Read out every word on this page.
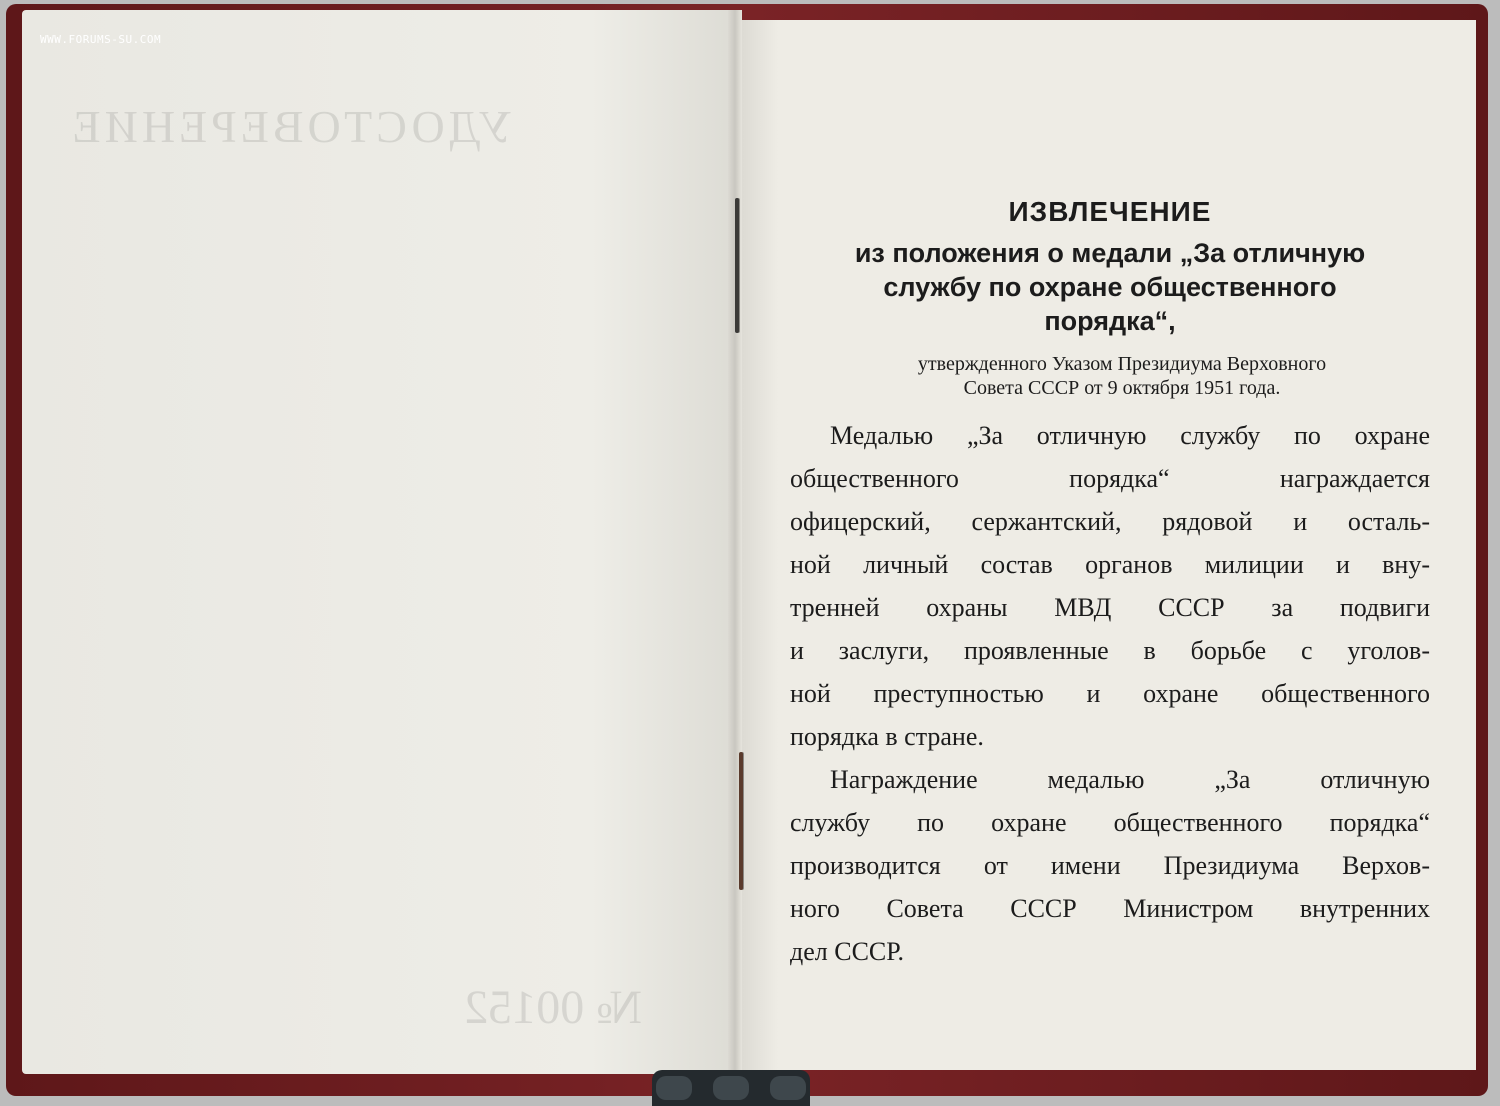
УДОСТОВЕРЕНИЕ
№ 00152
WWW.FORUMS-SU.COM
ИЗВЛЕЧЕНИЕ
из положения о медали „За отличную
службу по охране общественного
порядка“,
утвержденного Указом Президиума Верховного
Совета СССР от 9 октября 1951 года.

Медалью „За отличную службу по охране
общественного порядка“ награждается
офицерский, сержантский, рядовой и осталь-
ной личный состав органов милиции и вну-
тренней охраны МВД СССР за подвиги
и заслуги, проявленные в борьбе с уголов-
ной преступностью и охране общественного
порядка в стране.

Награждение медалью „За отличную
службу по охране общественного порядка“
производится от имени Президиума Верхов-
ного Совета СССР Министром внутренних
дел СССР.
